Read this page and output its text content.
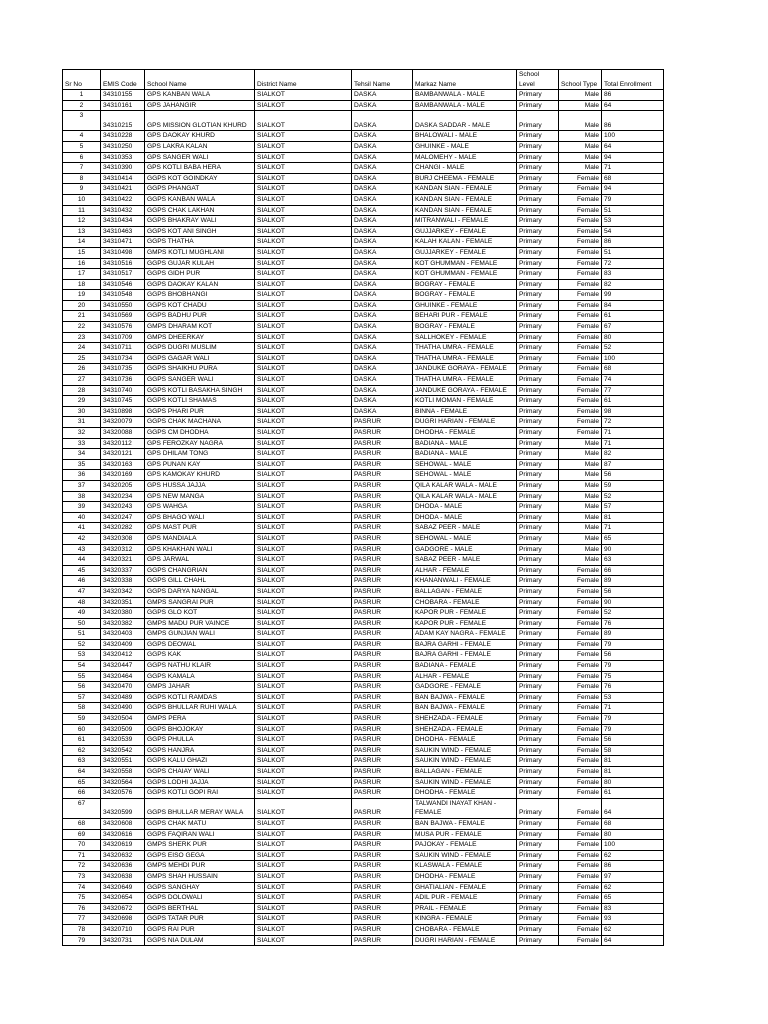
Sr No	EMIS Code	School Name	District Name	Tehsil Name	Markaz Name	School Level	School Type	Total Enrollment
1	34310155	GPS KANBAN WALA	SIALKOT	DASKA	BAMBANWALA - MALE	Primary	Male	86
2	34310161	GPS JAHANGIR	SIALKOT	DASKA	BAMBANWALA - MALE	Primary	Male	64
3	34310215	GPS MISSION GLOTIAN KHURD	SIALKOT	DASKA	DASKA SADDAR - MALE	Primary	Male	86
4	34310228	GPS DAOKAY KHURD	SIALKOT	DASKA	BHALOWALI - MALE	Primary	Male	100
5	34310250	GPS LAKRA KALAN	SIALKOT	DASKA	GHUINKE - MALE	Primary	Male	64
6	34310353	GPS SANGER WALI	SIALKOT	DASKA	MALOMEHY - MALE	Primary	Male	94
7	34310390	GPS KOTLI BABA HERA	SIALKOT	DASKA	CHANGI - MALE	Primary	Male	71
8	34310414	GGPS KOT GOINDKAY	SIALKOT	DASKA	BURJ CHEEMA - FEMALE	Primary	Female	68
9	34310421	GGPS PHANGAT	SIALKOT	DASKA	KANDAN SIAN - FEMALE	Primary	Female	94
10	34310422	GGPS KANBAN WALA	SIALKOT	DASKA	KANDAN SIAN - FEMALE	Primary	Female	79
11	34310432	GGPS CHAK LAKHAN	SIALKOT	DASKA	KANDAN SIAN - FEMALE	Primary	Female	51
12	34310434	GGPS BHAKRAY WALI	SIALKOT	DASKA	MITRANWALI - FEMALE	Primary	Female	53
13	34310463	GGPS KOT ANI SINGH	SIALKOT	DASKA	GUJJARKEY - FEMALE	Primary	Female	54
14	34310471	GGPS THATHA	SIALKOT	DASKA	KALAH KALAN - FEMALE	Primary	Female	86
15	34310498	GMPS KOTLI MUGHLANI	SIALKOT	DASKA	GUJJARKEY - FEMALE	Primary	Female	51
16	34310516	GGPS GUJAR KULAH	SIALKOT	DASKA	KOT GHUMMAN - FEMALE	Primary	Female	72
17	34310517	GGPS GIDH PUR	SIALKOT	DASKA	KOT GHUMMAN - FEMALE	Primary	Female	83
18	34310546	GGPS DAOKAY KALAN	SIALKOT	DASKA	BOGRAY - FEMALE	Primary	Female	82
19	34310548	GGPS BHOBHANGI	SIALKOT	DASKA	BOGRAY - FEMALE	Primary	Female	99
20	34310550	GGPS KOT CHADU	SIALKOT	DASKA	GHUINKE - FEMALE	Primary	Female	84
21	34310569	GGPS BADHU PUR	SIALKOT	DASKA	BEHARI PUR - FEMALE	Primary	Female	61
22	34310576	GMPS DHARAM KOT	SIALKOT	DASKA	BOGRAY - FEMALE	Primary	Female	67
23	34310709	GMPS DHEERKAY	SIALKOT	DASKA	SALLHOKEY - FEMALE	Primary	Female	80
24	34310711	GGPS DUGRI MUSLIM	SIALKOT	DASKA	THATHA UMRA - FEMALE	Primary	Female	52
25	34310734	GGPS GAGAR WALI	SIALKOT	DASKA	THATHA UMRA - FEMALE	Primary	Female	100
26	34310735	GGPS SHAIKHU PURA	SIALKOT	DASKA	JANDUKE GORAYA - FEMALE	Primary	Female	68
27	34310736	GGPS SANGER WALI	SIALKOT	DASKA	THATHA UMRA - FEMALE	Primary	Female	74
28	34310740	GGPS KOTLI BASAKHA SINGH	SIALKOT	DASKA	JANDUKE GORAYA - FEMALE	Primary	Female	77
29	34310745	GGPS KOTLI SHAMAS	SIALKOT	DASKA	KOTLI MOMAN - FEMALE	Primary	Female	61
30	34310898	GGPS PHARI PUR	SIALKOT	DASKA	BINNA - FEMALE	Primary	Female	98
31	34320079	GGPS CHAK MACHANA	SIALKOT	PASRUR	DUGRI HARIAN - FEMALE	Primary	Female	72
32	34320088	GGPS CM DHODHA	SIALKOT	PASRUR	DHODHA - FEMALE	Primary	Female	71
33	34320112	GPS FEROZKAY NAGRA	SIALKOT	PASRUR	BADIANA - MALE	Primary	Male	71
34	34320121	GPS DHILAM TONG	SIALKOT	PASRUR	BADIANA - MALE	Primary	Male	82
35	34320163	GPS PUNAN KAY	SIALKOT	PASRUR	SEHOWAL - MALE	Primary	Male	87
36	34320169	GPS KAMOKAY KHURD	SIALKOT	PASRUR	SEHOWAL - MALE	Primary	Male	56
37	34320205	GPS HUSSA JAJJA	SIALKOT	PASRUR	QILA KALAR WALA - MALE	Primary	Male	59
38	34320234	GPS NEW MANGA	SIALKOT	PASRUR	QILA KALAR WALA - MALE	Primary	Male	52
39	34320243	GPS WAHGA	SIALKOT	PASRUR	DHODA - MALE	Primary	Male	57
40	34320247	GPS BHAGO WALI	SIALKOT	PASRUR	DHODA - MALE	Primary	Male	81
41	34320282	GPS MAST PUR	SIALKOT	PASRUR	SABAZ PEER - MALE	Primary	Male	71
42	34320308	GPS MANDIALA	SIALKOT	PASRUR	SEHOWAL - MALE	Primary	Male	65
43	34320312	GPS KHAKHAN WALI	SIALKOT	PASRUR	GADGORE - MALE	Primary	Male	90
44	34320321	GPS JARWAL	SIALKOT	PASRUR	SABAZ PEER - MALE	Primary	Male	63
45	34320337	GGPS CHANGRIAN	SIALKOT	PASRUR	ALHAR - FEMALE	Primary	Female	66
46	34320338	GGPS GILL CHAHL	SIALKOT	PASRUR	KHANANWALI - FEMALE	Primary	Female	89
47	34320342	GGPS DARYA NANGAL	SIALKOT	PASRUR	BALLAGAN - FEMALE	Primary	Female	56
48	34320351	GMPS SANGRAI PUR	SIALKOT	PASRUR	CHOBARA - FEMALE	Primary	Female	90
49	34320380	GGPS GLO KOT	SIALKOT	PASRUR	KAPOR PUR - FEMALE	Primary	Female	52
50	34320382	GMPS MADU PUR VAINCE	SIALKOT	PASRUR	KAPOR PUR - FEMALE	Primary	Female	76
51	34320403	GMPS GUNJIAN WALI	SIALKOT	PASRUR	ADAM KAY NAGRA - FEMALE	Primary	Female	89
52	34320409	GGPS DEOWAL	SIALKOT	PASRUR	BAJRA GARHI - FEMALE	Primary	Female	79
53	34320412	GGPS KAK	SIALKOT	PASRUR	BAJRA GARHI - FEMALE	Primary	Female	56
54	34320447	GGPS NATHU KLAIR	SIALKOT	PASRUR	BADIANA - FEMALE	Primary	Female	79
55	34320464	GGPS KAMALA	SIALKOT	PASRUR	ALHAR - FEMALE	Primary	Female	75
56	34320470	GMPS JAHAR	SIALKOT	PASRUR	GADGORE - FEMALE	Primary	Female	76
57	34320489	GGPS KOTLI RAMDAS	SIALKOT	PASRUR	BAN BAJWA - FEMALE	Primary	Female	53
58	34320490	GGPS BHULLAR RUHI WALA	SIALKOT	PASRUR	BAN BAJWA - FEMALE	Primary	Female	71
59	34320504	GMPS PERA	SIALKOT	PASRUR	SHEHZADA - FEMALE	Primary	Female	79
60	34320509	GGPS BHOJOKAY	SIALKOT	PASRUR	SHEHZADA - FEMALE	Primary	Female	79
61	34320539	GGPS PHULLA	SIALKOT	PASRUR	DHODHA - FEMALE	Primary	Female	56
62	34320542	GGPS HANJRA	SIALKOT	PASRUR	SAUKIN WIND - FEMALE	Primary	Female	58
63	34320551	GGPS KALU GHAZI	SIALKOT	PASRUR	SAUKIN WIND - FEMALE	Primary	Female	81
64	34320558	GGPS CHAIAY WALI	SIALKOT	PASRUR	BALLAGAN - FEMALE	Primary	Female	81
65	34320564	GGPS LODHI JAJJA	SIALKOT	PASRUR	SAUKIN WIND - FEMALE	Primary	Female	80
66	34320576	GGPS KOTLI GOPI RAI	SIALKOT	PASRUR	DHODHA - FEMALE	Primary	Female	61
67	34320599	GGPS BHULLAR MERAY WALA	SIALKOT	PASRUR	TALWANDI INAYAT KHAN - FEMALE	Primary	Female	64
68	34320608	GGPS CHAK MATU	SIALKOT	PASRUR	BAN BAJWA - FEMALE	Primary	Female	68
69	34320616	GGPS FAQIRAN WALI	SIALKOT	PASRUR	MUSA PUR - FEMALE	Primary	Female	80
70	34320619	GMPS SHERK PUR	SIALKOT	PASRUR	PAJOKAY - FEMALE	Primary	Female	100
71	34320632	GGPS EISO GEGA	SIALKOT	PASRUR	SAUKIN WIND - FEMALE	Primary	Female	62
72	34320636	GMPS MEHDI PUR	SIALKOT	PASRUR	KLASWALA - FEMALE	Primary	Female	86
73	34320638	GMPS SHAH HUSSAIN	SIALKOT	PASRUR	DHODHA - FEMALE	Primary	Female	97
74	34320649	GGPS SANGHAY	SIALKOT	PASRUR	GHATIALIAN - FEMALE	Primary	Female	62
75	34320654	GGPS DOLOWALI	SIALKOT	PASRUR	ADIL PUR - FEMALE	Primary	Female	65
76	34320672	GGPS BERTHAL	SIALKOT	PASRUR	PRAIL - FEMALE	Primary	Female	83
77	34320698	GGPS TATAR PUR	SIALKOT	PASRUR	KINGRA - FEMALE	Primary	Female	93
78	34320710	GGPS RAI PUR	SIALKOT	PASRUR	CHOBARA - FEMALE	Primary	Female	62
79	34320731	GGPS NIA DULAM	SIALKOT	PASRUR	DUGRI HARIAN - FEMALE	Primary	Female	64
